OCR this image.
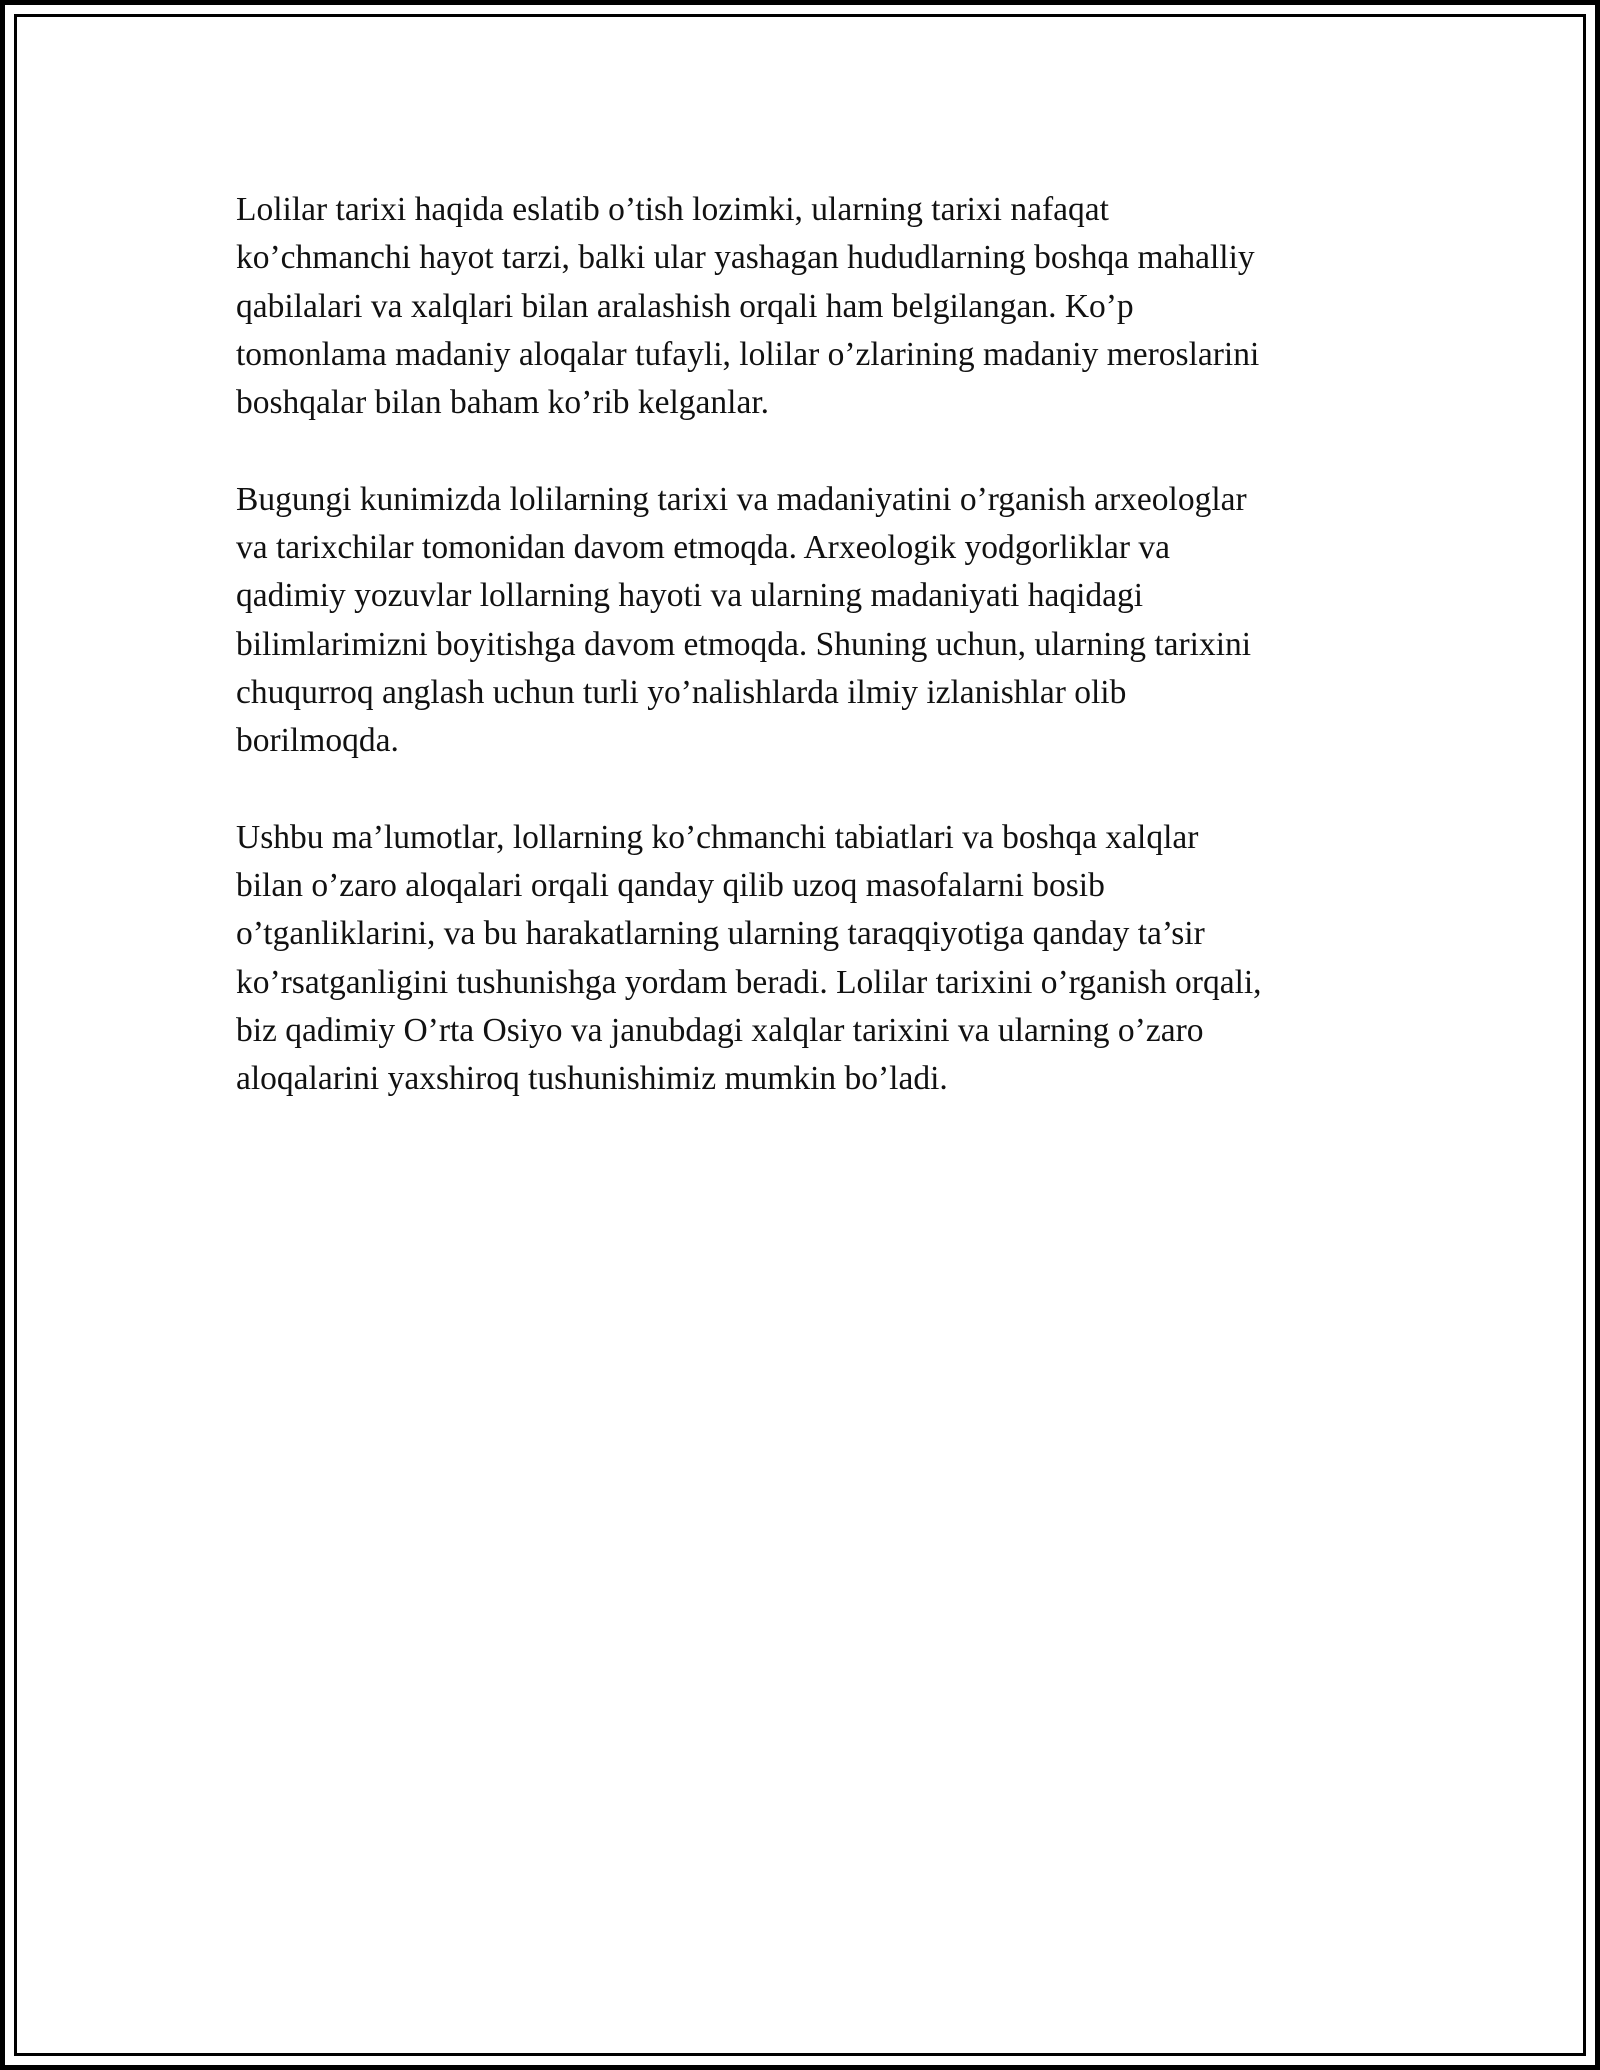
Lolilar tarixi haqida eslatib o’tish lozimki, ularning tarixi nafaqat
ko’chmanchi hayot tarzi, balki ular yashagan hududlarning boshqa mahalliy
qabilalari va xalqlari bilan aralashish orqali ham belgilangan. Ko’p
tomonlama madaniy aloqalar tufayli, lolilar o’zlarining madaniy meroslarini
boshqalar bilan baham ko’rib kelganlar.

Bugungi kunimizda lolilarning tarixi va madaniyatini o’rganish arxeologlar
va tarixchilar tomonidan davom etmoqda. Arxeologik yodgorliklar va
qadimiy yozuvlar lollarning hayoti va ularning madaniyati haqidagi
bilimlarimizni boyitishga davom etmoqda. Shuning uchun, ularning tarixini
chuqurroq anglash uchun turli yo’nalishlarda ilmiy izlanishlar olib
borilmoqda.

Ushbu ma’lumotlar, lollarning ko’chmanchi tabiatlari va boshqa xalqlar
bilan o’zaro aloqalari orqali qanday qilib uzoq masofalarni bosib
o’tganliklarini, va bu harakatlarning ularning taraqqiyotiga qanday ta’sir
ko’rsatganligini tushunishga yordam beradi. Lolilar tarixini o’rganish orqali,
biz qadimiy O’rta Osiyo va janubdagi xalqlar tarixini va ularning o’zaro
aloqalarini yaxshiroq tushunishimiz mumkin bo’ladi.
